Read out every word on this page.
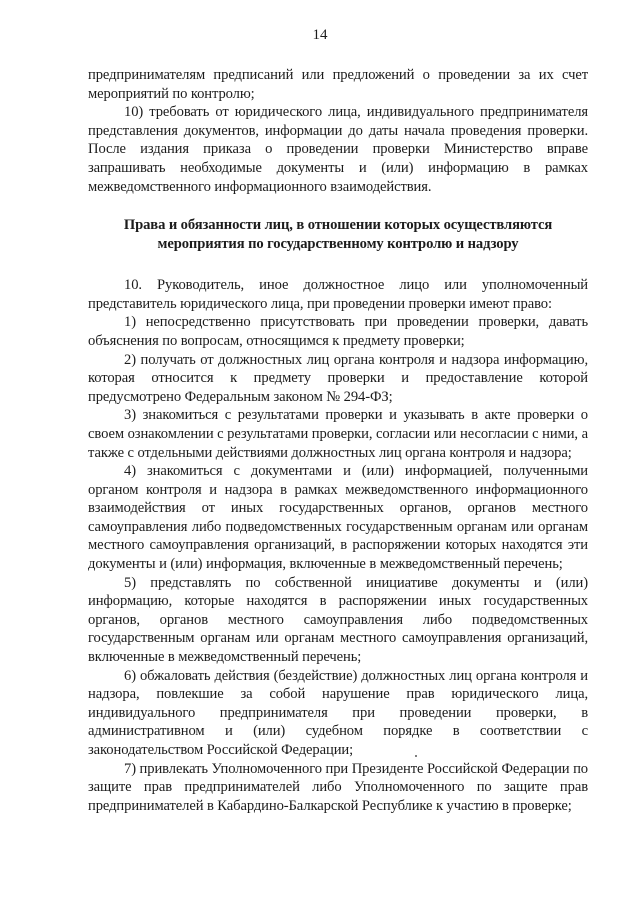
14

предпринимателям предписаний или предложений о проведении за их счет мероприятий по контролю;

10) требовать от юридического лица, индивидуального предпринимателя представления документов, информации до даты начала проведения проверки. После издания приказа о проведении проверки Министерство вправе запрашивать необходимые документы и (или) информацию в рамках межведомственного информационного взаимодействия.

Права и обязанности лиц, в отношении которых осуществляются мероприятия по государственному контролю и надзору

10. Руководитель, иное должностное лицо или уполномоченный представитель юридического лица, при проведении проверки имеют право:

1) непосредственно присутствовать при проведении проверки, давать объяснения по вопросам, относящимся к предмету проверки;

2) получать от должностных лиц органа контроля и надзора информацию, которая относится к предмету проверки и предоставление которой предусмотрено Федеральным законом № 294-ФЗ;

3) знакомиться с результатами проверки и указывать в акте проверки о своем ознакомлении с результатами проверки, согласии или несогласии с ними, а также с отдельными действиями должностных лиц органа контроля и надзора;

4) знакомиться с документами и (или) информацией, полученными органом контроля и надзора в рамках межведомственного информационного взаимодействия от иных государственных органов, органов местного самоуправления либо подведомственных государственным органам или органам местного самоуправления организаций, в распоряжении которых находятся эти документы и (или) информация, включенные в межведомственный перечень;

5) представлять по собственной инициативе документы и (или) информацию, которые находятся в распоряжении иных государственных органов, органов местного самоуправления либо подведомственных государственным органам или органам местного самоуправления организаций, включенные в межведомственный перечень;

6) обжаловать действия (бездействие) должностных лиц органа контроля и надзора, повлекшие за собой нарушение прав юридического лица, индивидуального предпринимателя при проведении проверки, в административном и (или) судебном порядке в соответствии с законодательством Российской Федерации;

7) привлекать Уполномоченного при Президенте Российской Федерации по защите прав предпринимателей либо Уполномоченного по защите прав предпринимателей в Кабардино-Балкарской Республике к участию в проверке;
